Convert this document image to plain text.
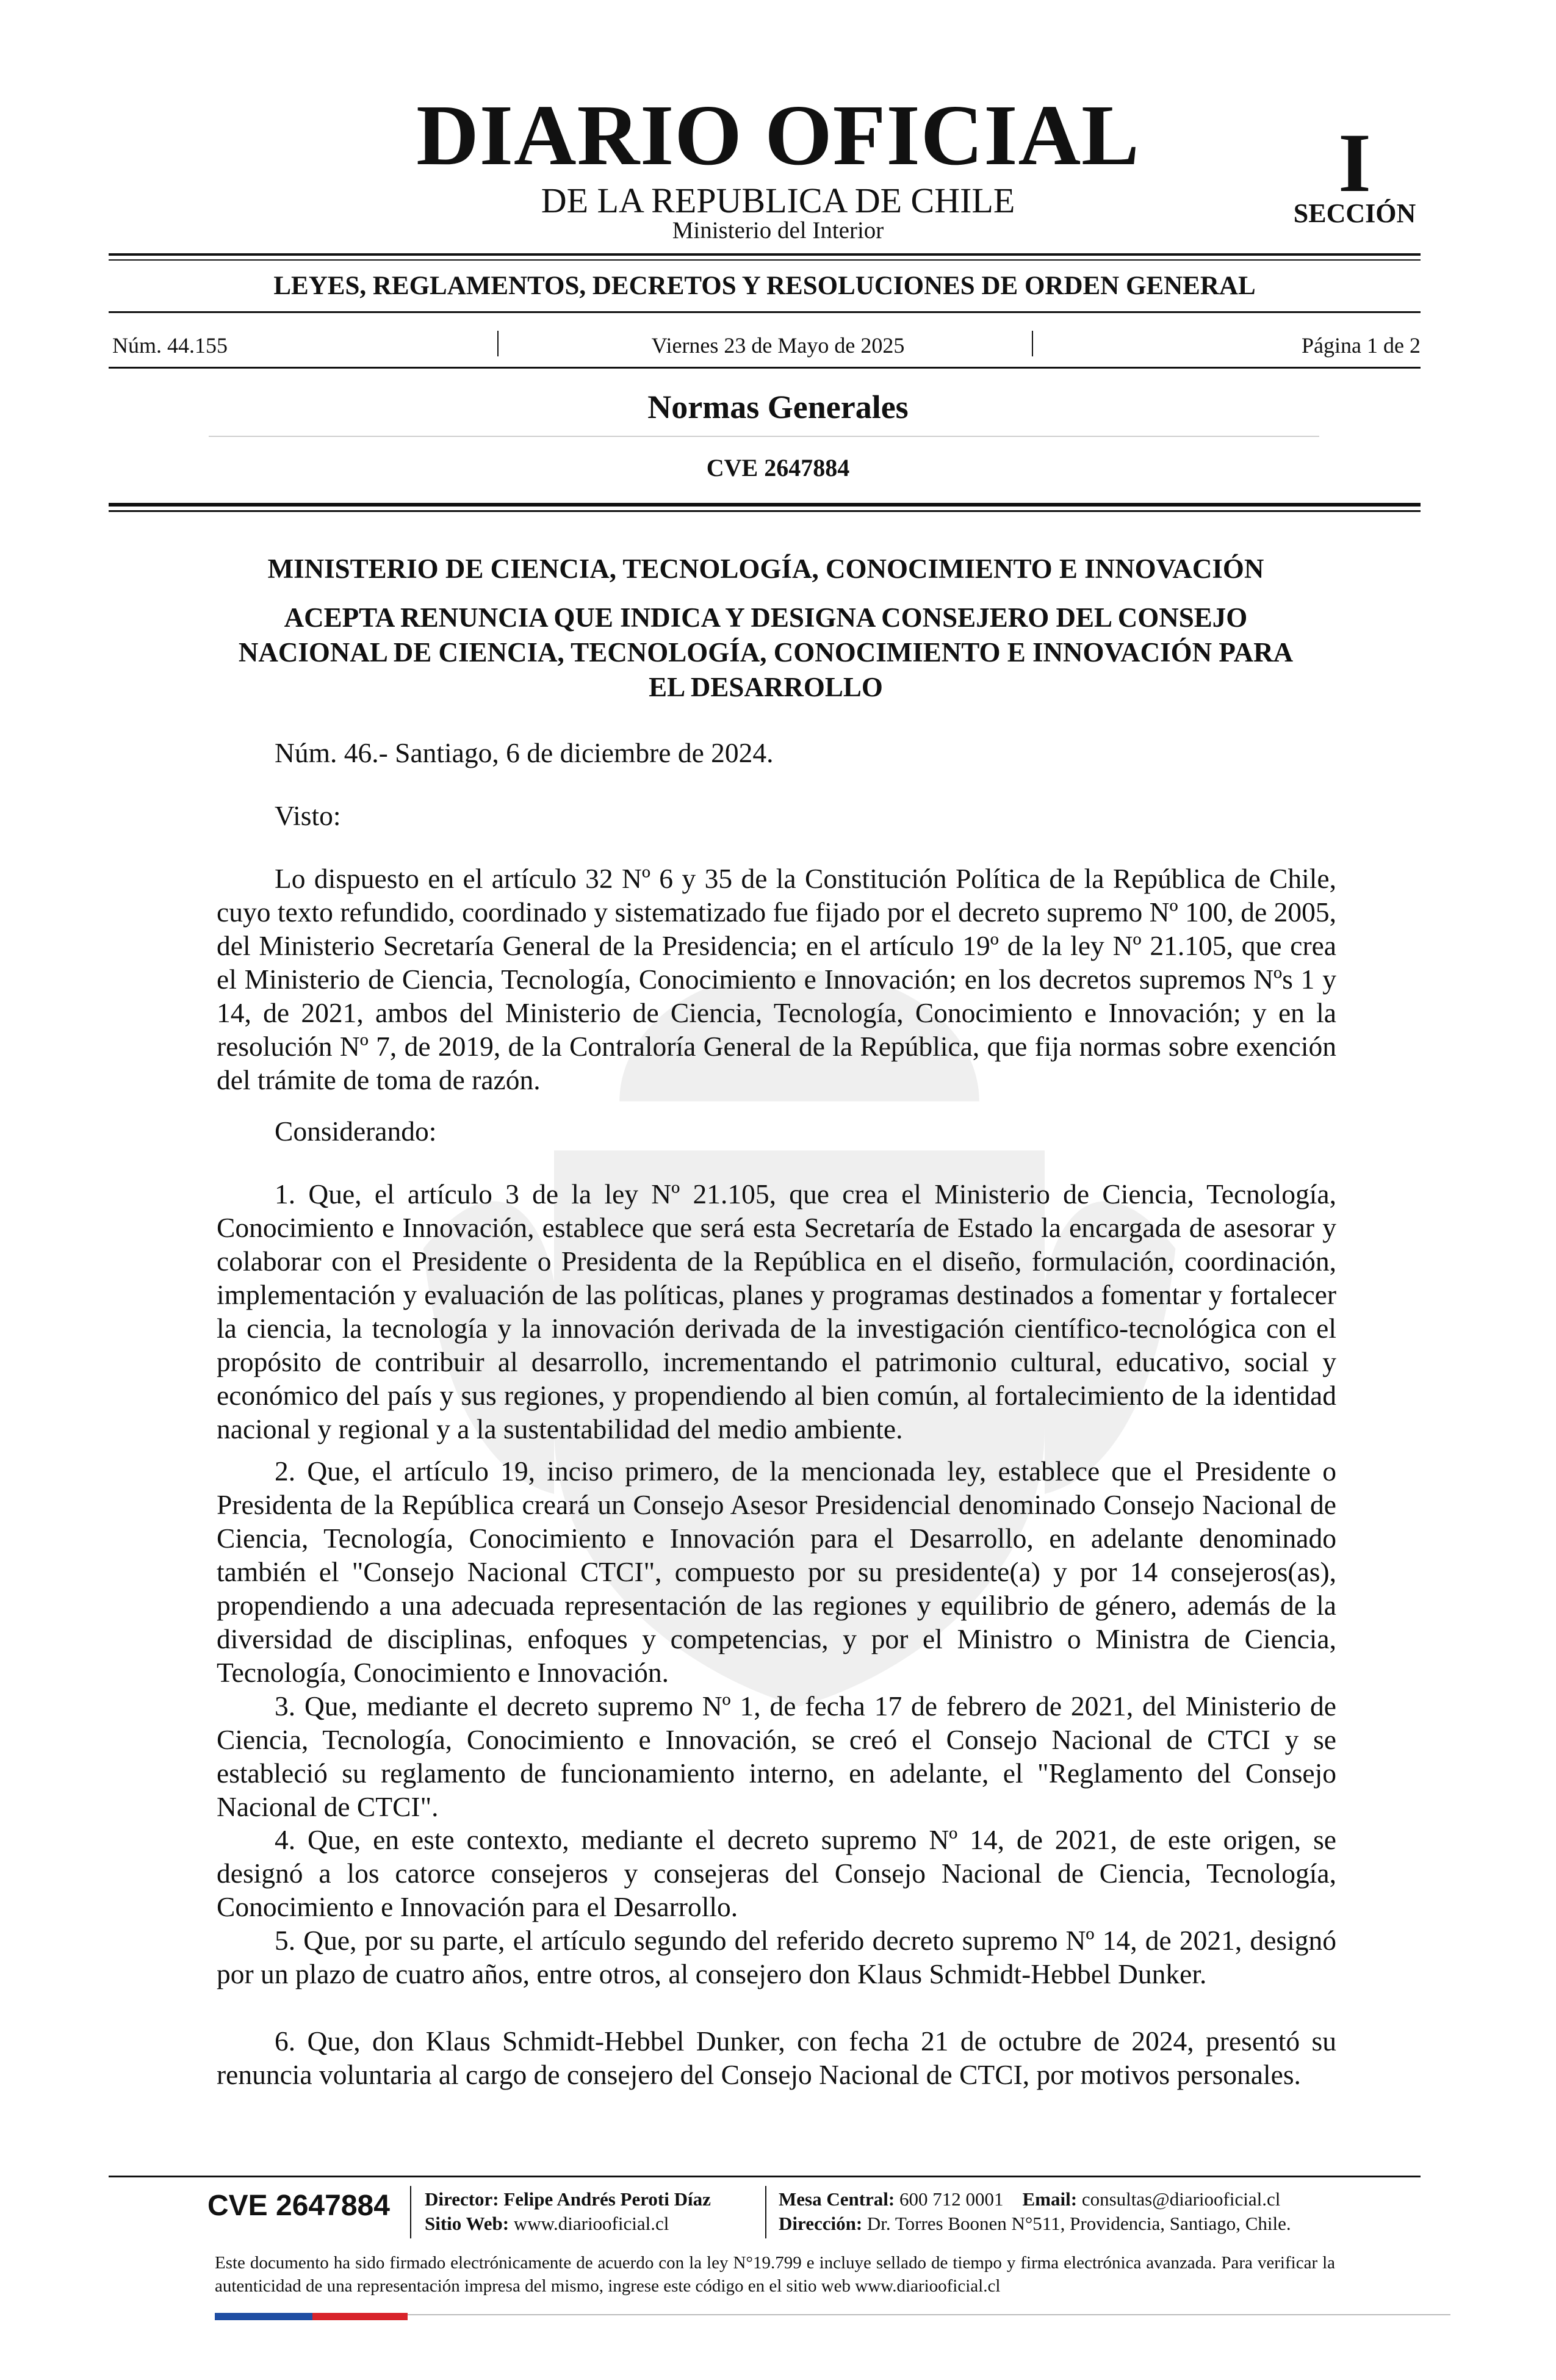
DIARIO OFICIAL
DE LA REPUBLICA DE CHILE
Ministerio del Interior
I
SECCIÓN
LEYES, REGLAMENTOS, DECRETOS Y RESOLUCIONES DE ORDEN GENERAL
Núm. 44.155	Viernes 23 de Mayo de 2025	Página 1 de 2
Normas Generales
CVE 2647884
MINISTERIO DE CIENCIA, TECNOLOGÍA, CONOCIMIENTO E INNOVACIÓN
ACEPTA RENUNCIA QUE INDICA Y DESIGNA CONSEJERO DEL CONSEJO
NACIONAL DE CIENCIA, TECNOLOGÍA, CONOCIMIENTO E INNOVACIÓN PARA
EL DESARROLLO
Núm. 46.- Santiago, 6 de diciembre de 2024.
Visto:
Lo dispuesto en el artículo 32 Nº 6 y 35 de la Constitución Política de la República de Chile, cuyo texto refundido, coordinado y sistematizado fue fijado por el decreto supremo Nº 100, de 2005, del Ministerio Secretaría General de la Presidencia; en el artículo 19º de la ley Nº 21.105, que crea el Ministerio de Ciencia, Tecnología, Conocimiento e Innovación; en los decretos supremos Nºs 1 y 14, de 2021, ambos del Ministerio de Ciencia, Tecnología, Conocimiento e Innovación; y en la resolución Nº 7, de 2019, de la Contraloría General de la República, que fija normas sobre exención del trámite de toma de razón.
Considerando:
1. Que, el artículo 3 de la ley Nº 21.105, que crea el Ministerio de Ciencia, Tecnología, Conocimiento e Innovación, establece que será esta Secretaría de Estado la encargada de asesorar y colaborar con el Presidente o Presidenta de la República en el diseño, formulación, coordinación, implementación y evaluación de las políticas, planes y programas destinados a fomentar y fortalecer la ciencia, la tecnología y la innovación derivada de la investigación científico-tecnológica con el propósito de contribuir al desarrollo, incrementando el patrimonio cultural, educativo, social y económico del país y sus regiones, y propendiendo al bien común, al fortalecimiento de la identidad nacional y regional y a la sustentabilidad del medio ambiente.
2. Que, el artículo 19, inciso primero, de la mencionada ley, establece que el Presidente o Presidenta de la República creará un Consejo Asesor Presidencial denominado Consejo Nacional de Ciencia, Tecnología, Conocimiento e Innovación para el Desarrollo, en adelante denominado también el "Consejo Nacional CTCI", compuesto por su presidente(a) y por 14 consejeros(as), propendiendo a una adecuada representación de las regiones y equilibrio de género, además de la diversidad de disciplinas, enfoques y competencias, y por el Ministro o Ministra de Ciencia, Tecnología, Conocimiento e Innovación.
3. Que, mediante el decreto supremo Nº 1, de fecha 17 de febrero de 2021, del Ministerio de Ciencia, Tecnología, Conocimiento e Innovación, se creó el Consejo Nacional de CTCI y se estableció su reglamento de funcionamiento interno, en adelante, el "Reglamento del Consejo Nacional de CTCI".
4. Que, en este contexto, mediante el decreto supremo Nº 14, de 2021, de este origen, se designó a los catorce consejeros y consejeras del Consejo Nacional de Ciencia, Tecnología, Conocimiento e Innovación para el Desarrollo.
5. Que, por su parte, el artículo segundo del referido decreto supremo Nº 14, de 2021, designó por un plazo de cuatro años, entre otros, al consejero don Klaus Schmidt-Hebbel Dunker.
6. Que, don Klaus Schmidt-Hebbel Dunker, con fecha 21 de octubre de 2024, presentó su renuncia voluntaria al cargo de consejero del Consejo Nacional de CTCI, por motivos personales.
CVE 2647884 Director: Felipe Andrés Peroti Díaz
Sitio Web: www.diariooficial.cl
Mesa Central: 600 712 0001 Email: consultas@diariooficial.cl
Dirección: Dr. Torres Boonen N°511, Providencia, Santiago, Chile.
Este documento ha sido firmado electrónicamente de acuerdo con la ley N°19.799 e incluye sellado de tiempo y firma electrónica avanzada. Para verificar la autenticidad de una representación impresa del mismo, ingrese este código en el sitio web www.diariooficial.cl
